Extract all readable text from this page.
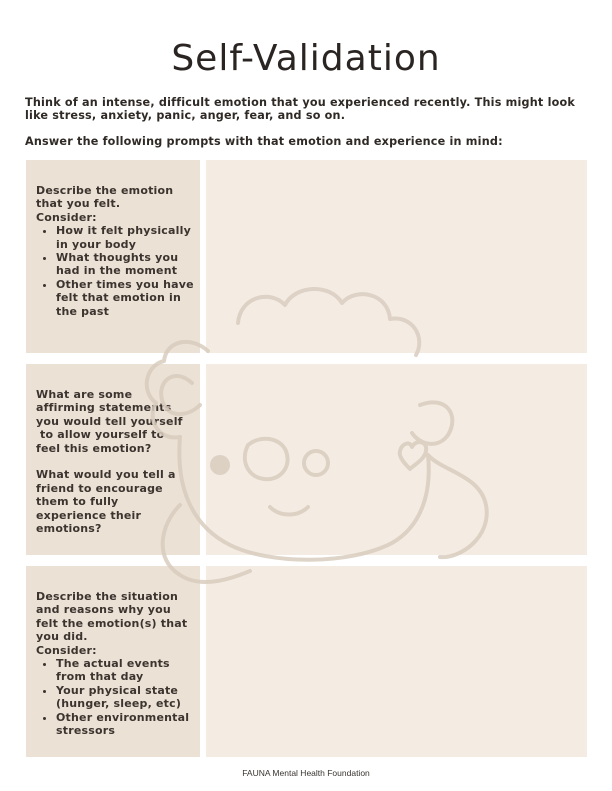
Self-Validation

Think of an intense, difficult emotion that you experienced recently. This might look like stress, anxiety, panic, anger, fear, and so on.

Answer the following prompts with that emotion and experience in mind:

Describe the emotion
that you felt.
Consider:
• How it felt physically in your body
• What thoughts you had in the moment
• Other times you have felt that emotion in the past
What are some
affirming statements
you would tell yourself
to allow yourself to
feel this emotion?
What would you tell a
friend to encourage
them to fully
experience their
emotions?
Describe the situation
and reasons why you
felt the emotion(s) that
you did.
Consider:
• The actual events from that day
• Your physical state (hunger, sleep, etc)
• Other environmental stressors
FAUNA Mental Health Foundation
